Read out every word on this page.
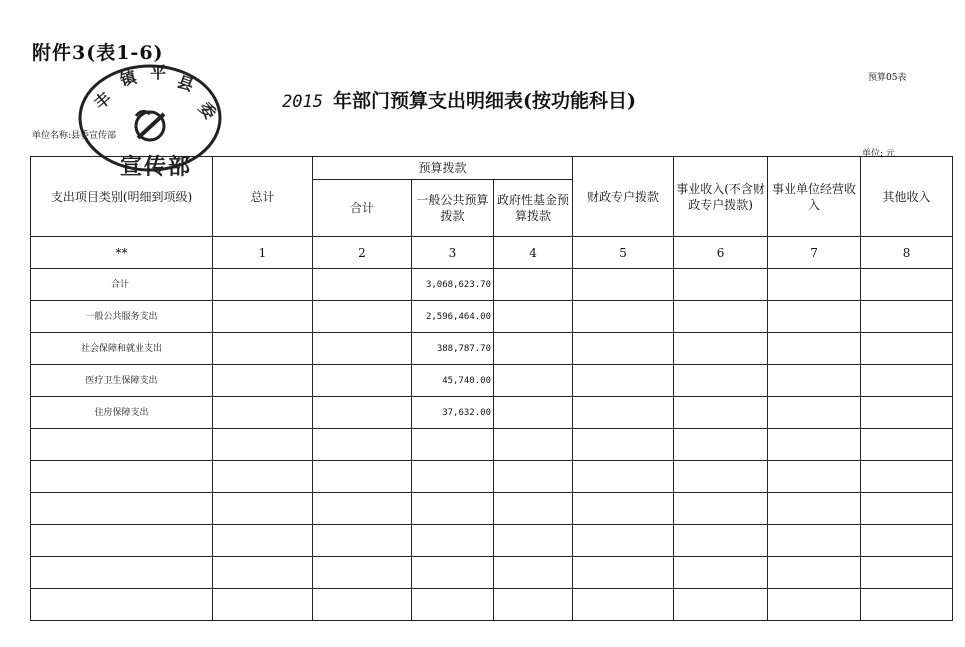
附件3(表1-6)
预算05表
2015 年部门预算支出明细表(按功能科目)
单位名称:县委宣传部
单位: 元
丰
镇 平 县
委
宣传部
支出项目类别(明细到项级)	总计	预算拨款			财政专户拨款	事业收入(不含财政专户拨款)	事业单位经营收入	其他收入
		合计	一般公共预算拨款	政府性基金预算拨款				
**	1	2	3	4	5	6	7	8
合计			3,068,623.70					
一般公共服务支出			2,596,464.00					
社会保障和就业支出			388,787.70					
医疗卫生保障支出			45,740.00					
住房保障支出			37,632.00					
